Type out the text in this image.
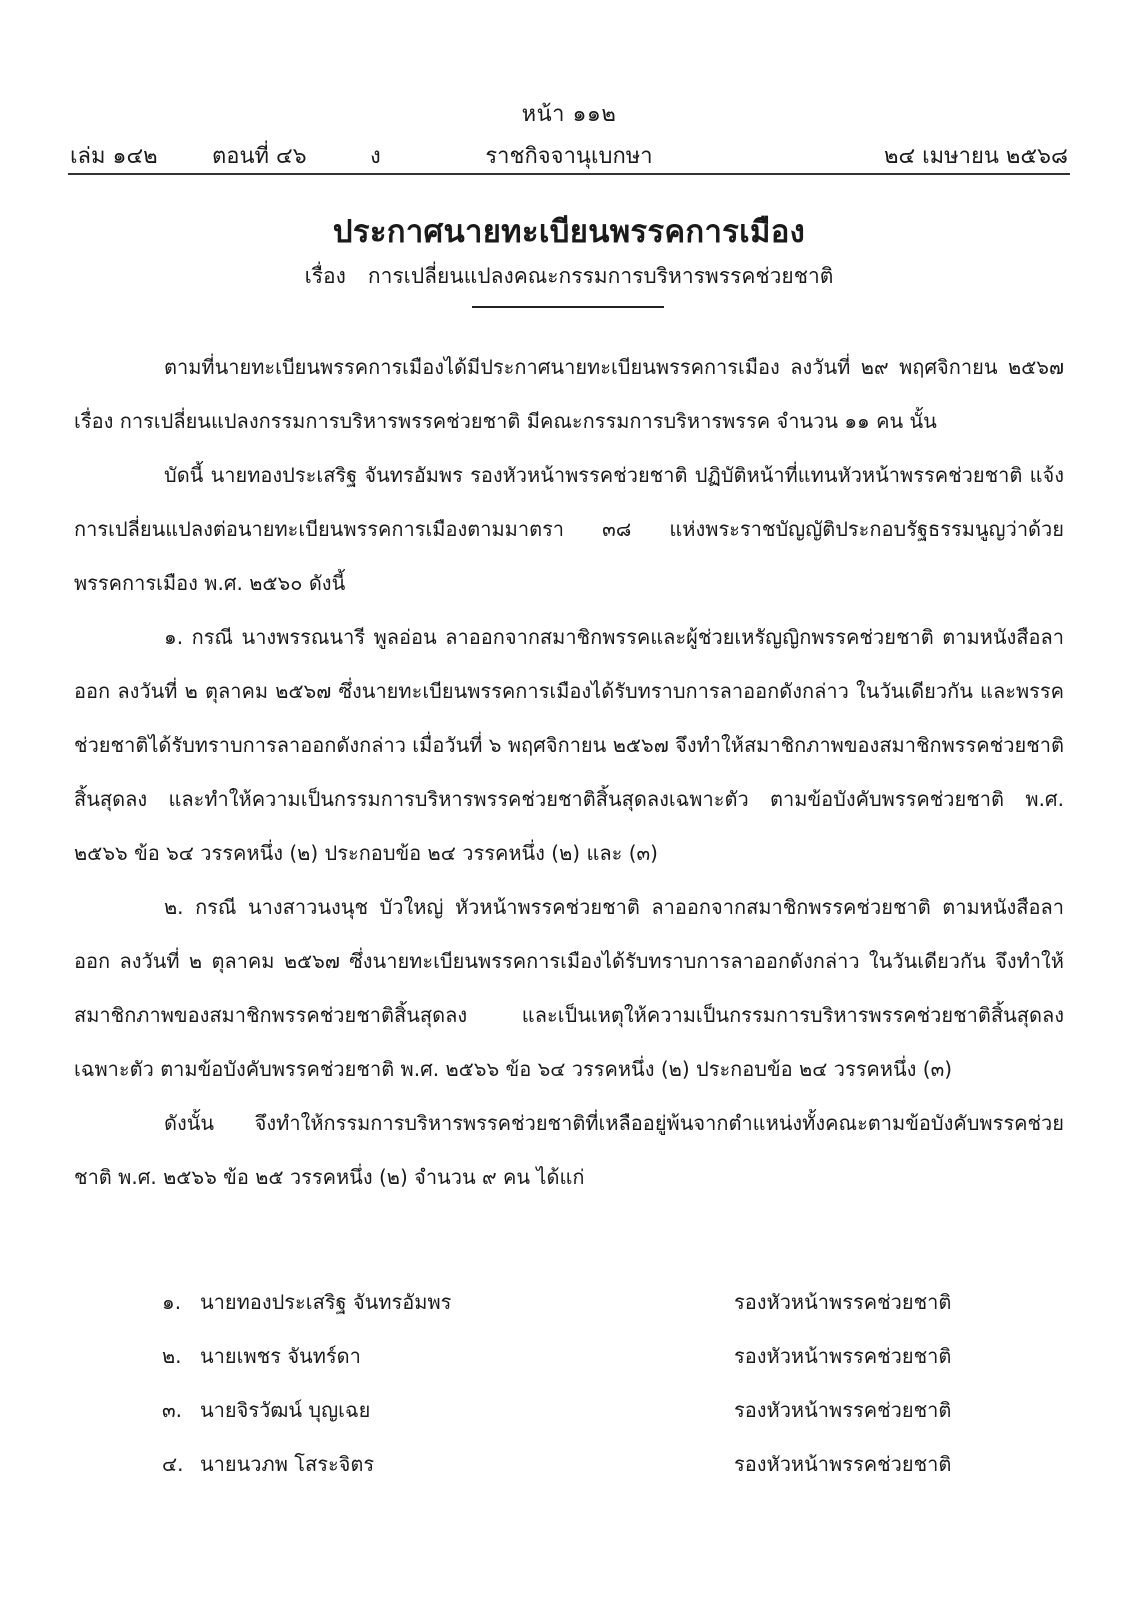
หน้า ๑๑๒
ราชกิจจานุเบกษา
เล่ม ๑๔๒ ตอนที่ ๔๖	ง	๒๔ เมษายน ๒๕๖๘
ประกาศนายทะเบียนพรรคการเมือง
เรื่อง การเปลี่ยนแปลงคณะกรรมการบริหารพรรคช่วยชาติ

ตามที่นายทะเบียนพรรคการเมืองได้มีประกาศนายทะเบียนพรรคการเมือง ลงวันที่ ๒๙ พฤศจิกายน ๒๕๖๗ เรื่อง การเปลี่ยนแปลงกรรมการบริหารพรรคช่วยชาติ มีคณะกรรมการบริหารพรรค จำนวน ๑๑ คน นั้น

บัดนี้ นายทองประเสริฐ จันทรอัมพร รองหัวหน้าพรรคช่วยชาติ ปฏิบัติหน้าที่แทนหัวหน้าพรรคช่วยชาติ แจ้งการเปลี่ยนแปลงต่อนายทะเบียนพรรคการเมืองตามมาตรา ๓๘ แห่งพระราชบัญญัติประกอบรัฐธรรมนูญว่าด้วยพรรคการเมือง พ.ศ. ๒๕๖๐ ดังนี้

๑. กรณี นางพรรณนารี พูลอ่อน ลาออกจากสมาชิกพรรคและผู้ช่วยเหรัญญิกพรรคช่วยชาติ ตามหนังสือลาออก ลงวันที่ ๒ ตุลาคม ๒๕๖๗ ซึ่งนายทะเบียนพรรคการเมืองได้รับทราบการลาออกดังกล่าว ในวันเดียวกัน และพรรคช่วยชาติได้รับทราบการลาออกดังกล่าว เมื่อวันที่ ๖ พฤศจิกายน ๒๕๖๗ จึงทำให้สมาชิกภาพของสมาชิกพรรคช่วยชาติสิ้นสุดลง และทำให้ความเป็นกรรมการบริหารพรรคช่วยชาติสิ้นสุดลงเฉพาะตัว ตามข้อบังคับพรรคช่วยชาติ พ.ศ. ๒๕๖๖ ข้อ ๖๔ วรรคหนึ่ง (๒) ประกอบข้อ ๒๔ วรรคหนึ่ง (๒) และ (๓)

๒. กรณี นางสาวนงนุช บัวใหญ่ หัวหน้าพรรคช่วยชาติ ลาออกจากสมาชิกพรรคช่วยชาติ ตามหนังสือลาออก ลงวันที่ ๒ ตุลาคม ๒๕๖๗ ซึ่งนายทะเบียนพรรคการเมืองได้รับทราบการลาออกดังกล่าว ในวันเดียวกัน จึงทำให้สมาชิกภาพของสมาชิกพรรคช่วยชาติสิ้นสุดลง และเป็นเหตุให้ความเป็นกรรมการบริหารพรรคช่วยชาติสิ้นสุดลงเฉพาะตัว ตามข้อบังคับพรรคช่วยชาติ พ.ศ. ๒๕๖๖ ข้อ ๖๔ วรรคหนึ่ง (๒) ประกอบข้อ ๒๔ วรรคหนึ่ง (๓)

ดังนั้น จึงทำให้กรรมการบริหารพรรคช่วยชาติที่เหลืออยู่พ้นจากตำแหน่งทั้งคณะตามข้อบังคับพรรคช่วยชาติ พ.ศ. ๒๕๖๖ ข้อ ๒๕ วรรคหนึ่ง (๒) จำนวน ๙ คน ได้แก่

๑. นายทองประเสริฐ จันทรอัมพร	รองหัวหน้าพรรคช่วยชาติ
๒. นายเพชร จันทร์ดา	รองหัวหน้าพรรคช่วยชาติ
๓. นายจิรวัฒน์ บุญเฉย	รองหัวหน้าพรรคช่วยชาติ
๔. นายนวภพ โสระจิตร	รองหัวหน้าพรรคช่วยชาติ
